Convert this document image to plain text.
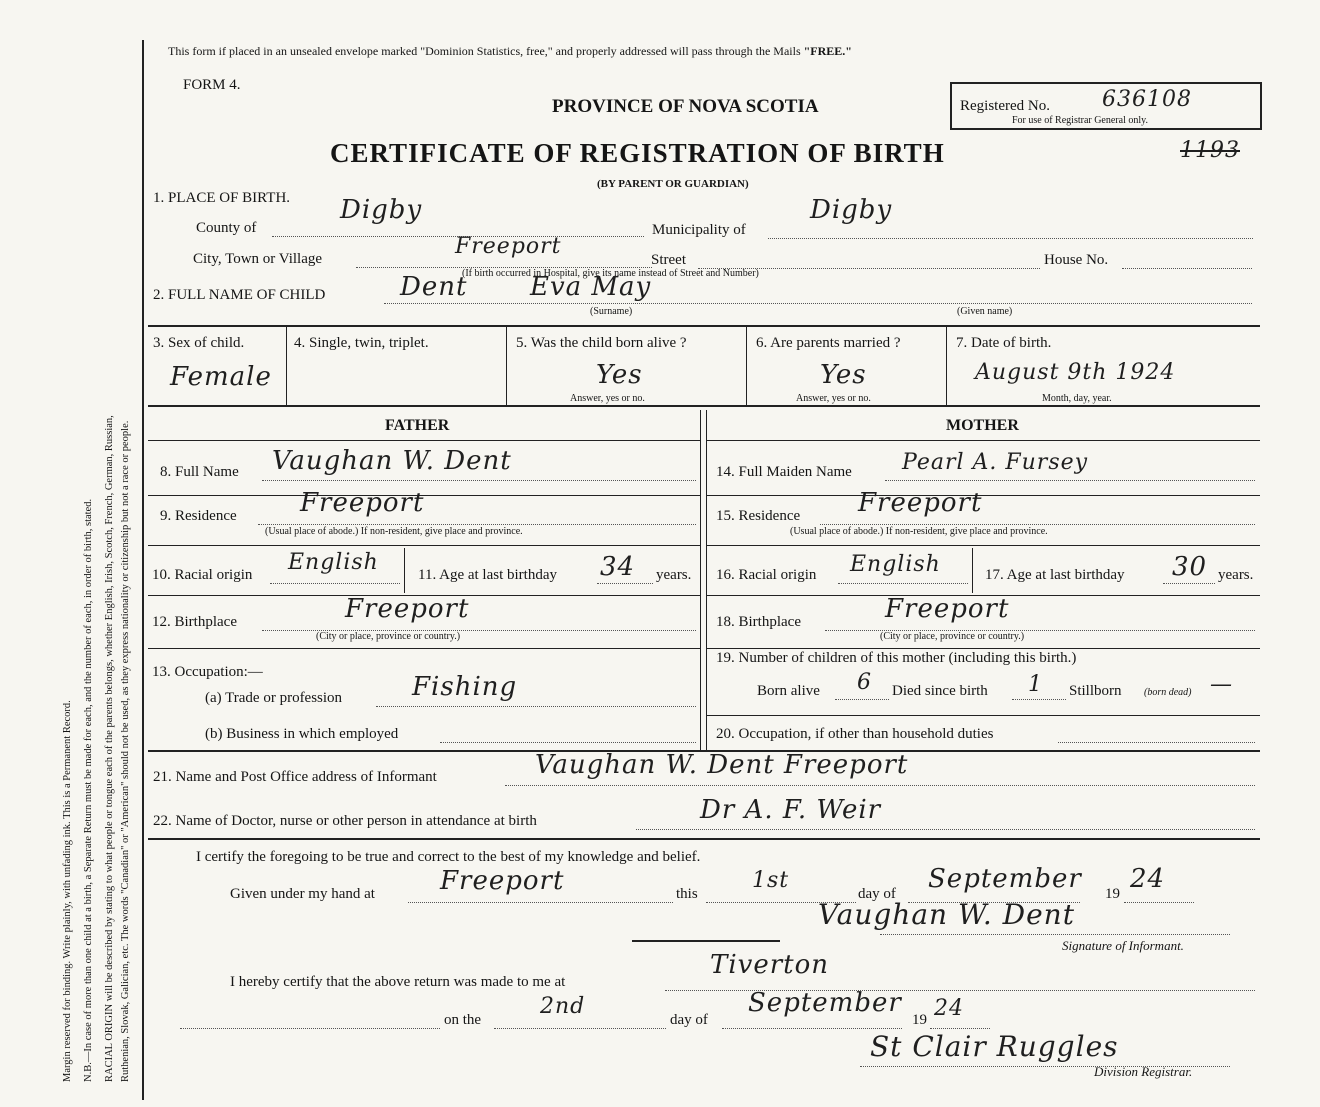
Margin reserved for binding. Write plainly, with unfading ink. This is a Permanent Record. N.B.—In case of more than one child at a birth, a Separate Return must be made for each, and the number of each, in order of birth, stated. RACIAL ORIGIN will be described by stating to what people or tongue each of the parents belongs, whether English, Irish, Scotch, French, German, Russian, Ruthenian, Slovak, Galician, etc. The words "Canadian" or "American" should not be used, as they express nationality or citizenship but not a race or people.
This form if placed in an unsealed envelope marked "Dominion Statistics, free," and properly addressed will pass through the Mails "FREE."
FORM 4.
PROVINCE OF NOVA SCOTIA
CERTIFICATE OF REGISTRATION OF BIRTH
(BY PARENT OR GUARDIAN)
Registered No. 636108
For use of Registrar General only.
1193
1. PLACE OF BIRTH.
County of
Digby
Municipality of
Digby
City, Town or Village	Freeport
Street	House No.
(If birth occurred in Hospital, give its name instead of Street and Number)
2. FULL NAME OF CHILD	Dent Eva May
(Surname)	(Given name)
3. Sex of child.
Female
4. Single, twin, triplet.	5. Was the child born alive ?
Yes
Answer, yes or no.
6. Are parents married ?
Yes
Answer, yes or no.
7. Date of birth.
August 9th 1924
Month, day, year.
FATHER	MOTHER
8. Full Name Vaughan W. Dent
9. Residence Freeport
(Usual place of abode.) If non-resident, give place and province.
10. Racial origin English	11. Age at last birthday 34 years.
12. Birthplace	Freeport
(City or place, province or country.)
13. Occupation:—
(a) Trade or profession	Fishing
(b) Business in which employed
14. Full Maiden Name Pearl A. Fursey
15. Residence Freeport
(Usual place of abode.) If non-resident, give place and province.
16. Racial origin English	17. Age at last birthday 30 years.
18. Birthplace	Freeport
(City or place, province or country.)
19. Number of children of this mother (including this birth.)
Born alive 6 Died since birth 1 Stillborn (born dead) —
20. Occupation, if other than household duties
21. Name and Post Office address of Informant	Vaughan W. Dent Freeport
22. Name of Doctor, nurse or other person in attendance at birth	Dr A. F. Weir
I certify the foregoing to be true and correct to the best of my knowledge and belief.
Given under my hand at	Freeport	this
1st
day of September 19 24
Vaughan W. Dent
Signature of Informant.
I hereby certify that the above return was made to me at
Tiverton
on the
2nd
day of
September
19 24
St Clair Ruggles
Division Registrar.
